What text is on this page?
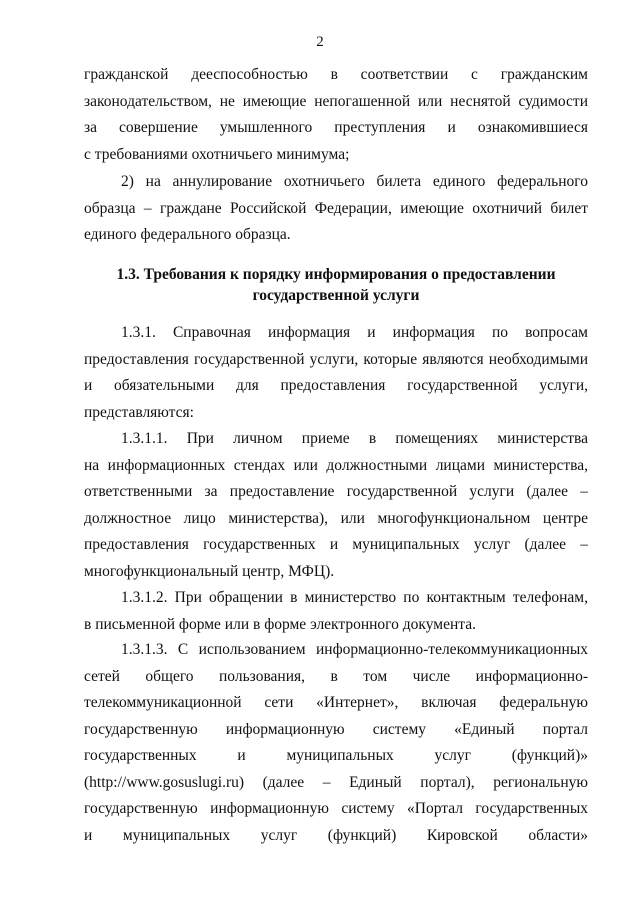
2
гражданской дееспособностью в соответствии с гражданским
законодательством, не имеющие непогашенной или неснятой судимости
за совершение умышленного преступления и ознакомившиеся
с требованиями охотничьего минимума;
2) на аннулирование охотничьего билета единого федерального
образца – граждане Российской Федерации, имеющие охотничий билет
единого федерального образца.
1.3. Требования к порядку информирования о предоставлении
государственной услуги
1.3.1. Справочная информация и информация по вопросам
предоставления государственной услуги, которые являются необходимыми
и обязательными для предоставления государственной услуги,
представляются:
1.3.1.1. При личном приеме в помещениях министерства
на информационных стендах или должностными лицами министерства,
ответственными за предоставление государственной услуги (далее –
должностное лицо министерства), или многофункциональном центре
предоставления государственных и муниципальных услуг (далее –
многофункциональный центр, МФЦ).
1.3.1.2. При обращении в министерство по контактным телефонам,
в письменной форме или в форме электронного документа.
1.3.1.3. С использованием информационно-телекоммуникационных
сетей общего пользования, в том числе информационно-
телекоммуникационной сети «Интернет», включая федеральную
государственную информационную систему «Единый портал
государственных и муниципальных услуг (функций)»
(http://www.gosuslugi.ru) (далее – Единый портал), региональную
государственную информационную систему «Портал государственных
и муниципальных услуг (функций) Кировской области»
